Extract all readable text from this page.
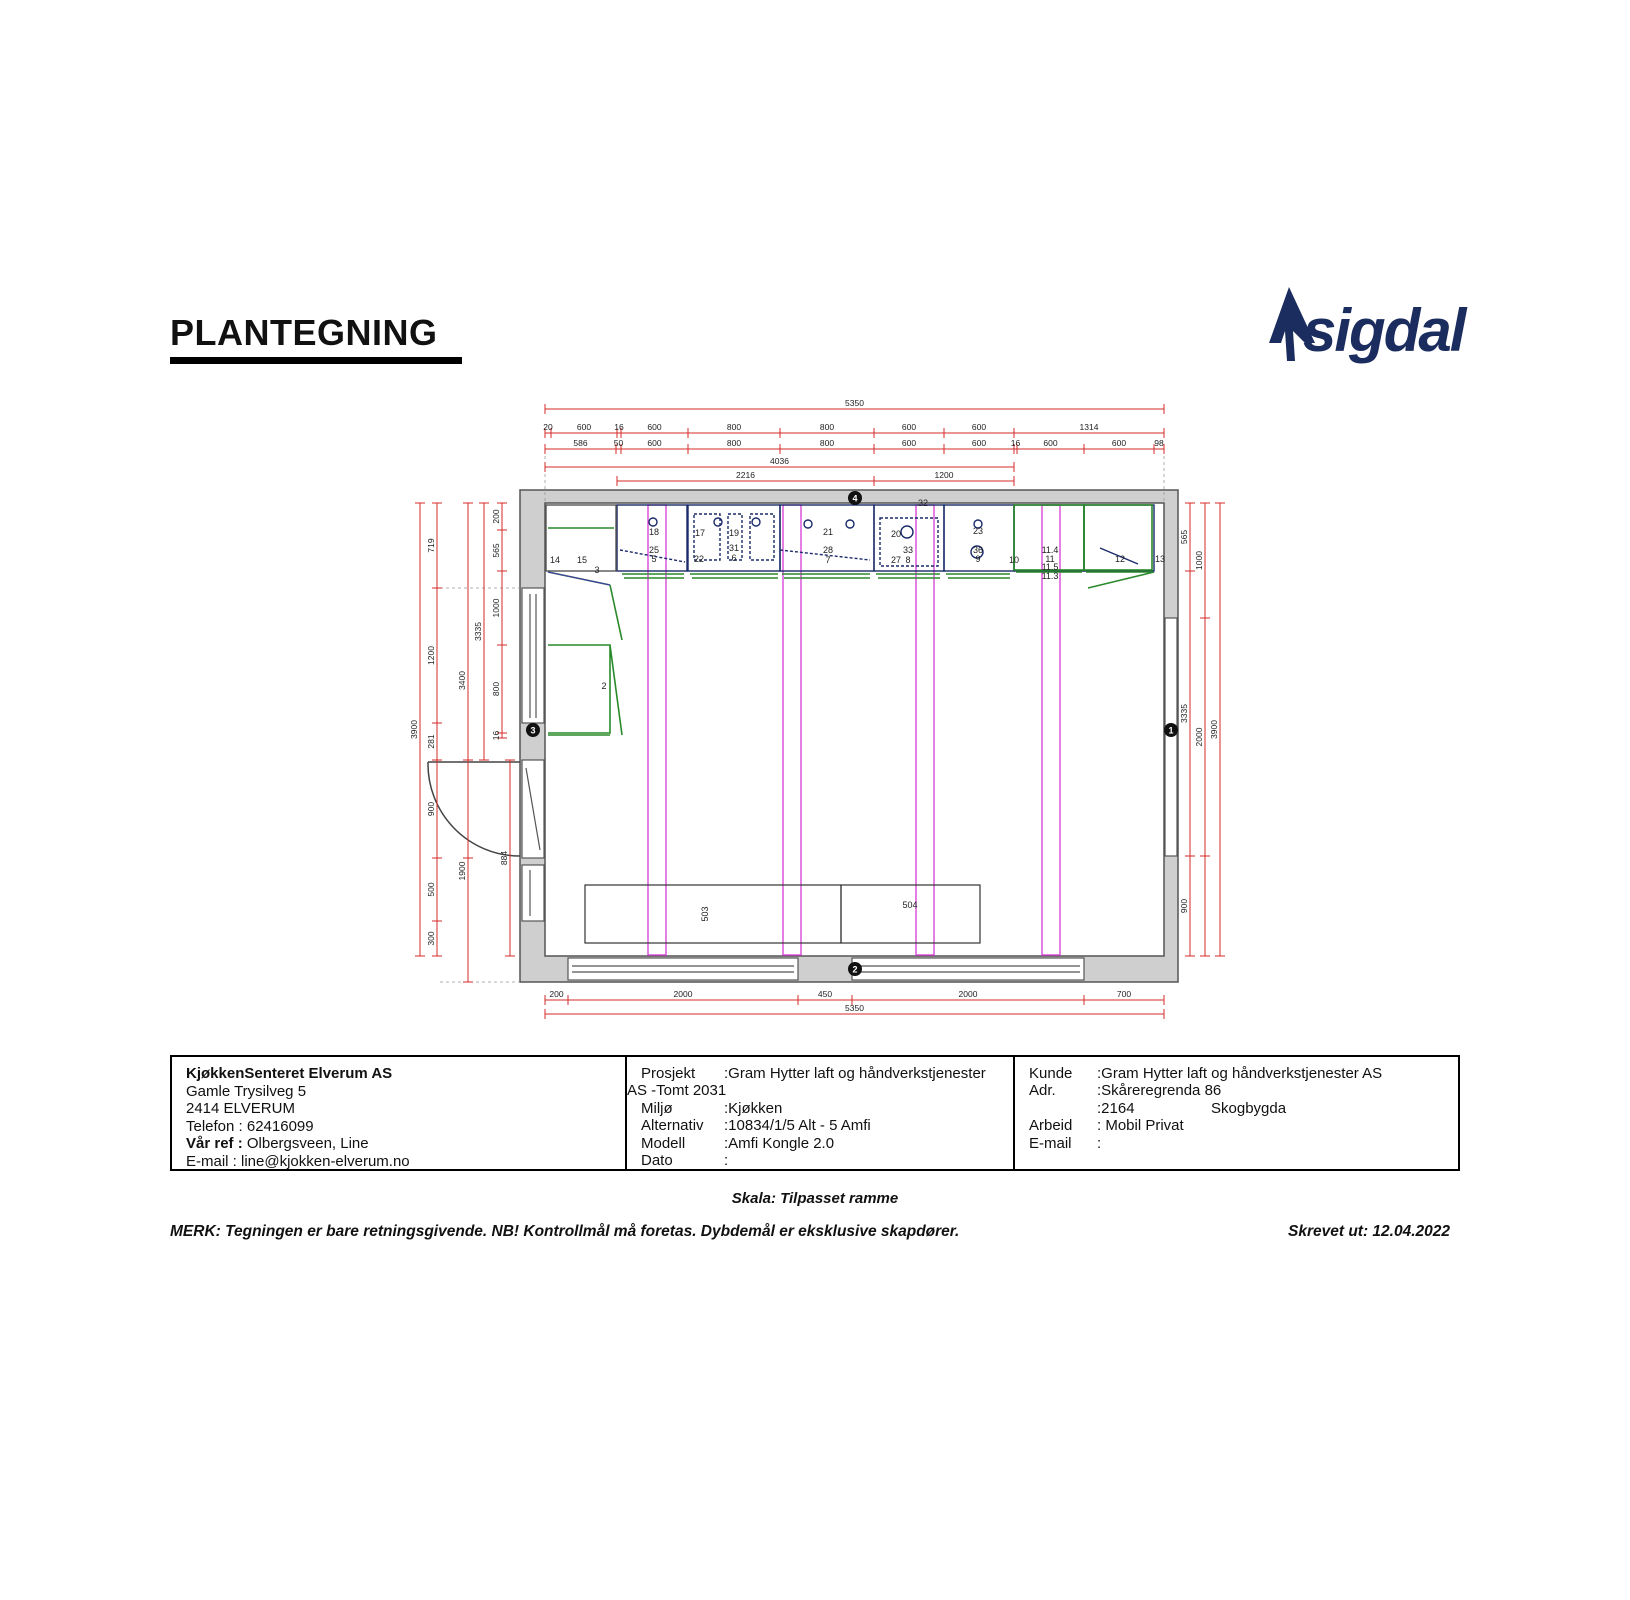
PLANTEGNING	sigdal
5350
20	600	16	600	800	800	600	600	1314
586	50	600	800	800	600	600	16	600	600	98
4036
2216	1200
200	2000	450	2000	700
5350
3900
719
1200
281
900
500
300
3400
1900
3335
884
200
565
1000
800
16
565
3335
900
1000
2000 3900
14 15
3
18
25
5
17	19
31
6
22
21
28
7
20
33
27 8
23
36
9	10
11.4
11
11.5
11.3
12	13
32
2
503
504
1
2
3
4
KjøkkenSenteret Elverum AS
Gamle Trysilveg 5
2414 ELVERUM
Telefon : 62416099
Vår ref : Olbergsveen, Line
E-mail : line@kjokken-elverum.no
Prosjekt :Gram Hytter laft og håndverkstjenester
AS -Tomt 2031
Miljø	:Kjøkken
Alternativ :10834/1/5 Alt - 5 Amfi
Modell	:Amfi Kongle 2.0
Dato	:
Kunde :Gram Hytter laft og håndverkstjenester AS
Adr.	:Skåreregrenda 86
:2164	Skogbygda
Arbeid : Mobil Privat
E-mail :
Skala: Tilpasset ramme
MERK: Tegningen er bare retningsgivende. NB! Kontrollmål må foretas. Dybdemål er eksklusive skapdører.	Skrevet ut: 12.04.2022
